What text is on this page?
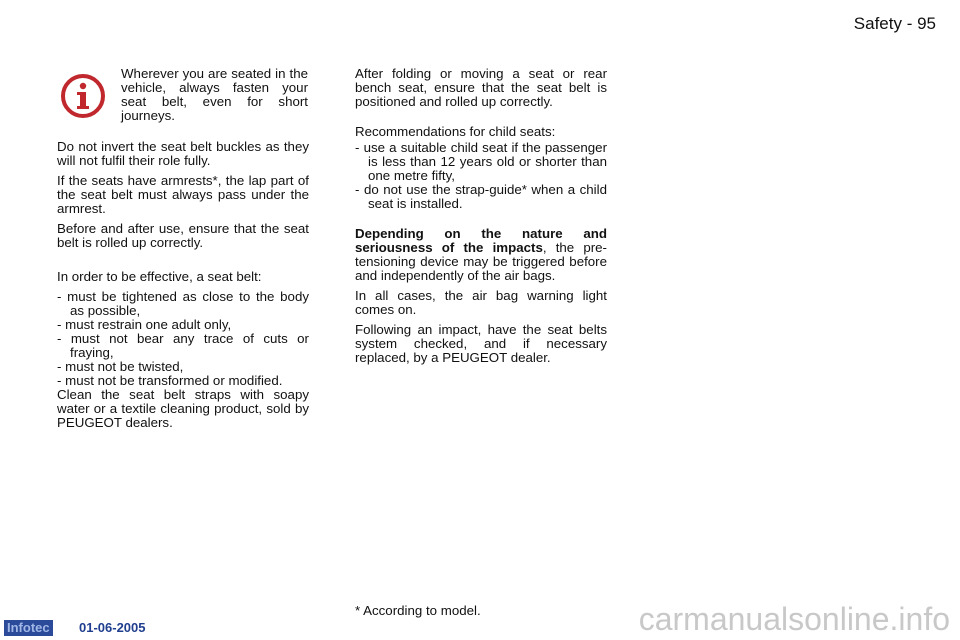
Safety - 95

Wherever you are seated in the vehicle, always fasten your seat belt, even for short journeys.

Do not invert the seat belt buckles as they will not fulfil their role fully.

If the seats have armrests*, the lap part of the seat belt must always pass under the armrest.

Before and after use, ensure that the seat belt is rolled up correctly.

In order to be effective, a seat belt:

- must be tightened as close to the body as possible,
- must restrain one adult only,
- must not bear any trace of cuts or fraying,
- must not be twisted,
- must not be transformed or modified.

Clean the seat belt straps with soapy water or a textile cleaning product, sold by PEUGEOT dealers.

After folding or moving a seat or rear bench seat, ensure that the seat belt is positioned and rolled up correctly.

Recommendations for child seats:

- use a suitable child seat if the passenger is less than 12 years old or shorter than one metre fifty,
- do not use the strap-guide* when a child seat is installed.

Depending on the nature and seriousness of the impacts, the pre-tensioning device may be triggered before and independently of the air bags.

In all cases, the air bag warning light comes on.

Following an impact, have the seat belts system checked, and if necessary replaced, by a PEUGEOT dealer.

* According to model.
Infotec 01-06-2005	carmanualsonline.info
